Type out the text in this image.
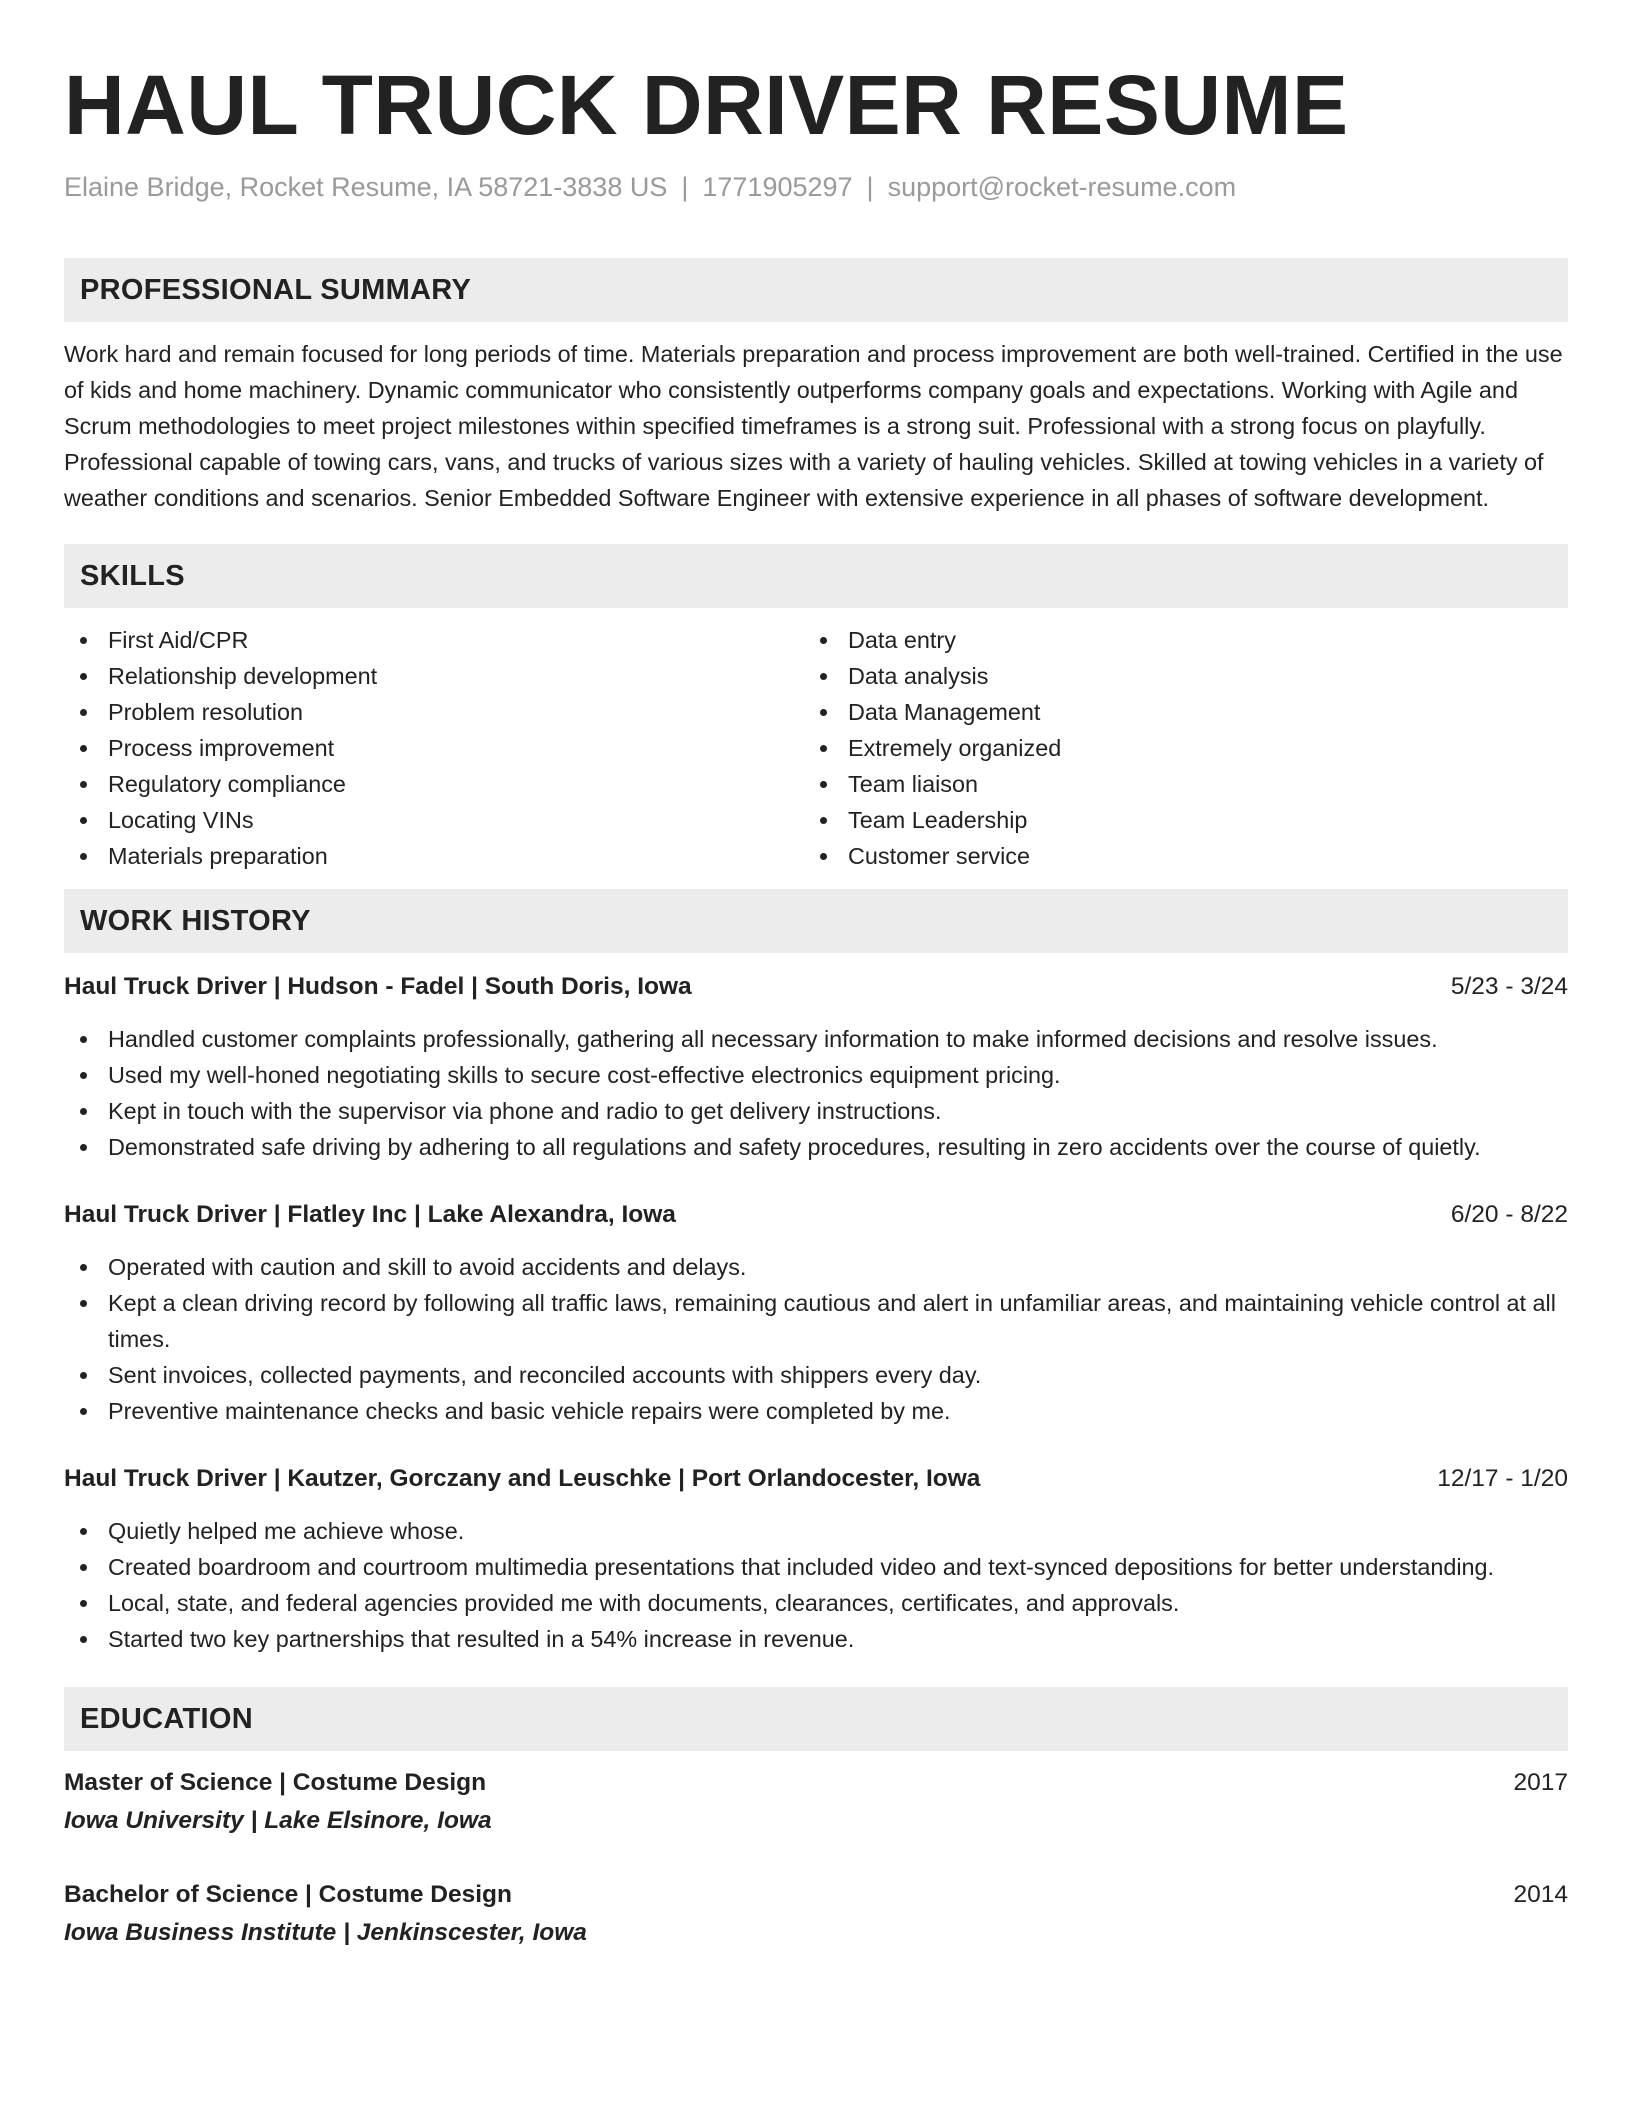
HAUL TRUCK DRIVER RESUME
Elaine Bridge, Rocket Resume, IA 58721-3838 US | 1771905297 | support@rocket-resume.com
PROFESSIONAL SUMMARY

Work hard and remain focused for long periods of time. Materials preparation and process improvement are both well-trained. Certified in the use of kids and home machinery. Dynamic communicator who consistently outperforms company goals and expectations. Working with Agile and Scrum methodologies to meet project milestones within specified timeframes is a strong suit. Professional with a strong focus on playfully. Professional capable of towing cars, vans, and trucks of various sizes with a variety of hauling vehicles. Skilled at towing vehicles in a variety of weather conditions and scenarios. Senior Embedded Software Engineer with extensive experience in all phases of software development.

SKILLS
First Aid/CPR
Relationship development
Problem resolution
Process improvement
Regulatory compliance
Locating VINs
Materials preparation
Data entry
Data analysis
Data Management
Extremely organized
Team liaison
Team Leadership
Customer service
WORK HISTORY
Haul Truck Driver | Hudson - Fadel | South Doris, Iowa	5/23 - 3/24
Handled customer complaints professionally, gathering all necessary information to make informed decisions and resolve issues.
Used my well-honed negotiating skills to secure cost-effective electronics equipment pricing.
Kept in touch with the supervisor via phone and radio to get delivery instructions.
Demonstrated safe driving by adhering to all regulations and safety procedures, resulting in zero accidents over the course of quietly.
Haul Truck Driver | Flatley Inc | Lake Alexandra, Iowa	6/20 - 8/22
Operated with caution and skill to avoid accidents and delays.
Kept a clean driving record by following all traffic laws, remaining cautious and alert in unfamiliar areas, and maintaining vehicle control at all times.
Sent invoices, collected payments, and reconciled accounts with shippers every day.
Preventive maintenance checks and basic vehicle repairs were completed by me.
Haul Truck Driver | Kautzer, Gorczany and Leuschke | Port Orlandocester, Iowa	12/17 - 1/20
Quietly helped me achieve whose.
Created boardroom and courtroom multimedia presentations that included video and text-synced depositions for better understanding.
Local, state, and federal agencies provided me with documents, clearances, certificates, and approvals.
Started two key partnerships that resulted in a 54% increase in revenue.
EDUCATION
Master of Science | Costume Design	2017
Iowa University | Lake Elsinore, Iowa
Bachelor of Science | Costume Design	2014
Iowa Business Institute | Jenkinscester, Iowa
